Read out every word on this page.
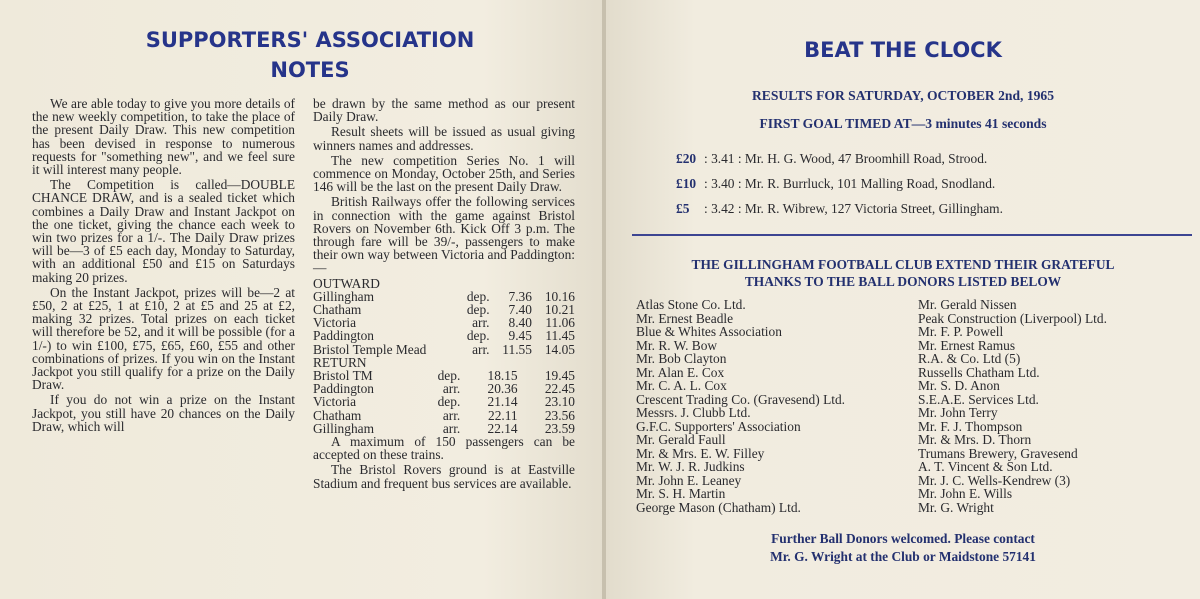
SUPPORTERS' ASSOCIATION
NOTES

We are able today to give you more details of the new weekly competition, to take the place of the present Daily Draw. This new competition has been devised in response to numerous requests for "something new", and we feel sure it will interest many people.

The Competition is called—DOUBLE CHANCE DRAW, and is a sealed ticket which combines a Daily Draw and Instant Jackpot on the one ticket, giving the chance each week to win two prizes for a 1/-. The Daily Draw prizes will be—3 of £5 each day, Monday to Saturday, with an additional £50 and £15 on Saturdays making 20 prizes.

On the Instant Jackpot, prizes will be—2 at £50, 2 at £25, 1 at £10, 2 at £5 and 25 at £2, making 32 prizes. Total prizes on each ticket will therefore be 52, and it will be possible (for a 1/-) to win £100, £75, £65, £60, £55 and other combinations of prizes. If you win on the Instant Jackpot you still qualify for a prize on the Daily Draw.

If you do not win a prize on the Instant Jackpot, you still have 20 chances on the Daily Draw, which will

be drawn by the same method as our present Daily Draw.

Result sheets will be issued as usual giving winners names and addresses.

The new competition Series No. 1 will commence on Monday, October 25th, and Series 146 will be the last on the present Daily Draw.

British Railways offer the following services in connection with the game against Bristol Rovers on November 6th. Kick Off 3 p.m. The through fare will be 39/-, passengers to make their own way between Victoria and Paddington:—

OUTWARD
Gillingham	dep.	7.36	10.16
Chatham	dep.	7.40	10.21
Victoria	arr.	8.40	11.06
Paddington	dep.	9.45	11.45
Bristol Temple Mead	arr.	11.55	14.05
RETURN
Bristol TM	dep.	18.15	19.45
Paddington	arr.	20.36	22.45
Victoria	dep.	21.14	23.10
Chatham	arr.	22.11	23.56
Gillingham	arr.	22.14	23.59

A maximum of 150 passengers can be accepted on these trains.

The Bristol Rovers ground is at Eastville Stadium and frequent bus services are available.

BEAT THE CLOCK
RESULTS FOR SATURDAY, OCTOBER 2nd, 1965
FIRST GOAL TIMED AT—3 minutes 41 seconds
£20 : 3.41 : Mr. H. G. Wood, 47 Broomhill Road, Strood.
£10 : 3.40 : Mr. R. Burrluck, 101 Malling Road, Snodland.
£5 : 3.42 : Mr. R. Wibrew, 127 Victoria Street, Gillingham.
THE GILLINGHAM FOOTBALL CLUB EXTEND THEIR GRATEFUL
THANKS TO THE BALL DONORS LISTED BELOW
Atlas Stone Co. Ltd.
Mr. Ernest Beadle
Blue & Whites Association
Mr. R. W. Bow
Mr. Bob Clayton
Mr. Alan E. Cox
Mr. C. A. L. Cox
Crescent Trading Co. (Gravesend) Ltd.
Messrs. J. Clubb Ltd.
G.F.C. Supporters' Association
Mr. Gerald Faull
Mr. & Mrs. E. W. Filley
Mr. W. J. R. Judkins
Mr. John E. Leaney
Mr. S. H. Martin
George Mason (Chatham) Ltd.
Mr. Gerald Nissen
Peak Construction (Liverpool) Ltd.
Mr. F. P. Powell
Mr. Ernest Ramus
R.A. & Co. Ltd (5)
Russells Chatham Ltd.
Mr. S. D. Anon
S.E.A.E. Services Ltd.
Mr. John Terry
Mr. F. J. Thompson
Mr. & Mrs. D. Thorn
Trumans Brewery, Gravesend
A. T. Vincent & Son Ltd.
Mr. J. C. Wells-Kendrew (3)
Mr. John E. Wills
Mr. G. Wright
Further Ball Donors welcomed. Please contact
Mr. G. Wright at the Club or Maidstone 57141
